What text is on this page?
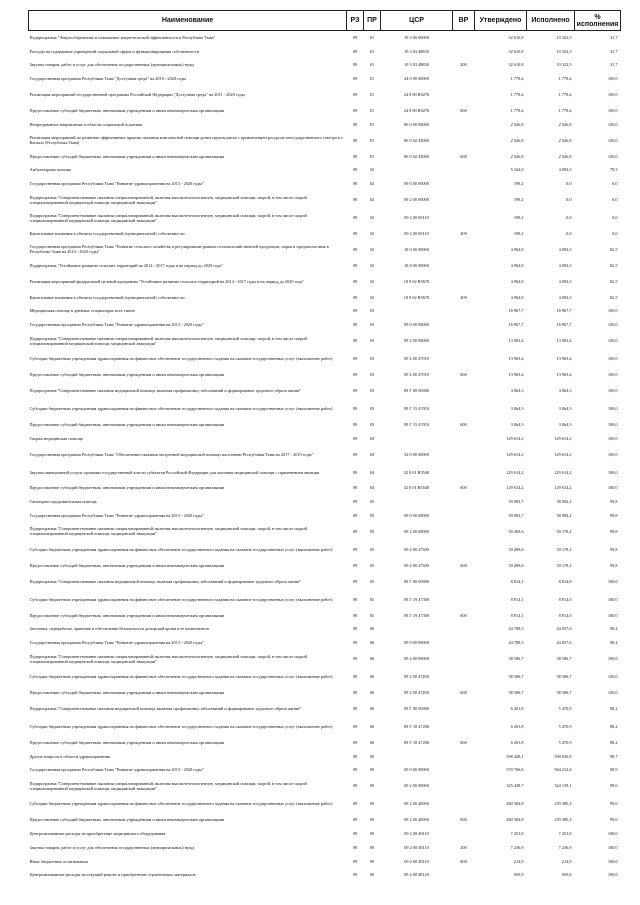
Наименование	РЗ	ПР	ЦСР	ВР	Утверждено	Исполнено	% исполнения
Подпрограмма "Энергосбережение и повышение энергетической эффективности в Республике Тыва"	09	01	19 3 00 00000		32 610,8	10 322,5	31,7
Расходы на содержание учреждений социальной сферы и функционирования собственности	09	01	19 3 03 48830		32 610,8	10 322,5	31,7
Закупка товаров, работ и услуг для обеспечения государственных (муниципальных) нужд	09	01	19 3 03 48830	200	32 610,8	10 322,5	31,7
Государственная программа Республики Тыва "Доступная среда" на 2016 - 2020 годы	09	01	24 0 00 00000		1 778,4	1 778,4	100,0
Реализация мероприятий государственной программы Российской Федерации "Доступная среда" на 2011 - 2020 годы	09	01	24 0 00 R0270		1 778,4	1 778,4	100,0
Предоставление субсидий бюджетным, автономным учреждениям и иным некоммерческим организациям	09	01	24 0 00 R0270	600	1 778,4	1 778,4	100,0
Непрограммное направление в области социальной политики	09	01	86 0 00 00000		2 026,8	2 026,8	100,0
Реализация мероприятий по развитию эффективных практик оказания комплексной помощи детям группы риска с привлечением ресурсов негосударственного сектора в г. Кызыле (Республика Тыва)	09	01	86 0 02 43000		2 026,8	2 026,8	100,0
Предоставление субсидий бюджетным, автономным учреждениям и иным некоммерческим организациям	09	01	86 0 02 43000	600	2 026,8	2 026,8	100,0
Амбулаторная помощь	09	02			5 162,0	4 092,3	79,3
Государственная программа Республики Тыва "Развитие здравоохранения на 2013 - 2020 годы"	09	02	09 0 00 00000		199,2	0,0	0,0
Подпрограмма "Совершенствование оказания специализированной, включая высокотехнологичную, медицинской помощи, скорой, в том числе скорой специализированной медицинской помощи, медицинской эвакуации"	09	02	09 2 00 00000		199,2	0,0	0,0
Подпрограмма "Совершенствование оказания специализированной, включая высокотехнологичную, медицинской помощи, скорой, в том числе скорой специализированной медицинской помощи, медицинской эвакуации"	09	02	09 2 00 00110		199,2	0,0	0,0
Капитальные вложения в объекты государственной (муниципальной) собственности	09	02	09 2 00 00110	400	199,2	0,0	0,0
Государственная программа Республики Тыва "Развитие сельского хозяйства и регулирование рынков сельскохозяйственной продукции, сырья и продовольствия в Республике Тыва на 2014 - 2020 годы"	09	02	18 0 00 00000		4 962,8	4 092,3	82,5
Подпрограмма "Устойчивое развитие сельских территорий на 2014 - 2017 годы и на период до 2020 года"	09	02	18 8 00 00000		4 962,8	4 092,3	82,5
Реализация мероприятий федеральной целевой программы "Устойчивое развитие сельских территорий на 2014 - 2017 годы и на период до 2020 года"	09	02	18 8 02 R5670		4 962,8	4 092,3	82,5
Капитальные вложения в объекты государственной (муниципальной) собственности	09	02	18 8 02 R5670	400	4 962,8	4 092,3	82,5
Медицинская помощь в дневных стационарах всех типов	09	03			16 967,7	16 967,7	100,0
Государственная программа Республики Тыва "Развитие здравоохранения на 2013 - 2020 годы"	09	03	09 0 00 00000		16 967,7	16 967,7	100,0
Подпрограмма "Совершенствование оказания специализированной, включая высокотехнологичную, медицинской помощи, скорой, в том числе скорой специализированной медицинской помощи, медицинской эвакуации"	09	03	09 2 00 00000		13 903,4	13 903,4	100,0
Субсидии бюджетным учреждениям здравоохранения на финансовое обеспечение государственного задания на оказание государственных услуг (выполнение работ)	09	03	09 2 00 47010		13 903,4	13 903,4	100,0
Предоставление субсидий бюджетным, автономным учреждениям и иным некоммерческим организациям	09	03	09 2 00 47010	600	13 903,4	13 903,4	100,0
Подпрограмма "Совершенствование оказания медицинской помощи, включая профилактику заболеваний и формирование здорового образа жизни"	09	03	09 Г 00 00000		3 064,3	3 064,3	100,0
Субсидии бюджетным учреждениям здравоохранения на финансовое обеспечение государственного задания на оказание государственных услуг (выполнение работ)	09	03	09 Г 15 47010		3 064,3	3 064,3	100,0
Предоставление субсидий бюджетным, автономным учреждениям и иным некоммерческим организациям	09	03	09 Г 15 47010	600	3 064,3	3 064,3	100,0
Скорая медицинская помощь	09	04			129 614,2	129 614,2	100,0
Государственная программа Республики Тыва "Обеспечение оказания экстренной медицинской помощи населению Республики Тыва на 2017 - 2019 годы"	09	04	32 0 00 00000		129 614,2	129 614,2	100,0
Закупка авиационной услуги органами государственной власти субъектов Российской Федерации для оказания медицинской помощи с применением авиации	09	04	32 0 01 R5540		129 614,2	129 614,2	100,0
Предоставление субсидий бюджетным, автономным учреждениям и иным некоммерческим организациям	09	04	32 0 01 R5540	600	129 614,2	129 614,2	100,0
Санаторно-оздоровительная помощь	09	05			59 083,7	58 992,2	99,8
Государственная программа Республики Тыва "Развитие здравоохранения на 2013 - 2020 годы"	09	05	09 0 00 00000		59 083,7	58 992,2	99,8
Подпрограмма "Совершенствование оказания специализированной, включая высокотехнологичную, медицинской помощи, скорой, в том числе скорой специализированной медицинской помощи, медицинской эвакуации"	09	05	09 2 00 00000		50 269,6	50 178,2	99,8
Субсидии бюджетным учреждениям здравоохранения на финансовое обеспечение государственного задания на оказание государственных услуг (выполнение работ)	09	05	09 2 00 47300		50 269,6	50 178,2	99,8
Предоставление субсидий бюджетным, автономным учреждениям и иным некоммерческим организациям	09	05	09 2 00 47300	600	50 269,6	50 178,2	99,8
Подпрограмма "Совершенствование оказания медицинской помощи, включая профилактику заболеваний и формирование здорового образа жизни"	09	05	09 Г 00 00000		8 814,1	8 814,0	100,0
Субсидии бюджетным учреждениям здравоохранения на финансовое обеспечение государственного задания на оказание государственных услуг (выполнение работ)	09	05	09 Г 19 47300		8 814,1	8 814,0	100,0
Предоставление субсидий бюджетным, автономным учреждениям и иным некоммерческим организациям	09	05	09 Г 19 47300	600	8 814,1	8 814,0	100,0
Заготовка, переработка, хранение и обеспечение безопасности донорской крови и ее компонентов	09	06			44 788,5	44 057,6	98,4
Государственная программа Республики Тыва "Развитие здравоохранения на 2013 - 2020 годы"	09	06	09 0 00 00000		44 788,5	44 057,6	98,4
Подпрограмма "Совершенствование оказания специализированной, включая высокотехнологичную, медицинской помощи, скорой, в том числе скорой специализированной медицинской помощи, медицинской эвакуации"	09	06	09 2 00 00000		38 586,7	38 586,7	100,0
Субсидии бюджетным учреждениям здравоохранения на финансовое обеспечение государственного задания на оказание государственных услуг (выполнение работ)	09	06	09 2 00 47200		38 586,7	38 586,7	100,0
Предоставление субсидий бюджетным, автономным учреждениям и иным некоммерческим организациям	09	06	09 2 00 47200	600	38 586,7	38 586,7	100,0
Подпрограмма "Совершенствование оказания медицинской помощи, включая профилактику заболеваний и формирование здорового образа жизни"	09	06	09 Г 00 00000		6 201,8	5 470,9	88,2
Субсидии бюджетным учреждениям здравоохранения на финансовое обеспечение государственного задания на оказание государственных услуг (выполнение работ)	09	06	09 Г 18 47200		6 201,8	5 470,9	88,2
Предоставление субсидий бюджетным, автономным учреждениям и иным некоммерческим организациям	09	06	09 Г 18 47200	600	6 201,8	5 470,9	88,2
Другие вопросы в области здравоохранения	09	09			598 428,1	590 630,8	98,7
Государственная программа Республики Тыва "Развитие здравоохранения на 2013 - 2020 годы"	09	09	09 0 00 00000		570 766,6	564 212,4	98,9
Подпрограмма "Совершенствование оказания специализированной, включая высокотехнологичную, медицинской помощи, скорой, в том числе скорой специализированной медицинской помощи, медицинской эвакуации"	09	09	09 2 00 00000		325 438,7	324 139,1	99,6
Субсидии бюджетным учреждениям здравоохранения на финансовое обеспечение государственного задания на оказание государственных услуг (выполнение работ)	09	09	09 2 00 46900		260 384,8	259 380,3	99,6
Предоставление субсидий бюджетным, автономным учреждениям и иным некоммерческим организациям	09	09	09 2 00 46900	600	260 384,8	259 380,3	99,6
Централизованные расходы на приобретение медицинского оборудования	09	09	09 2 00 48110		7 451,8	7 451,8	100,0
Закупка товаров, работ и услуг для обеспечения государственных (муниципальных) нужд	09	09	09 2 00 48110	200	7 236,9	7 236,9	100,0
Иные бюджетные ассигнования	09	09	09 2 00 48110	800	214,9	214,9	100,0
Централизованные расходы на текущий ремонт и приобретение строительных материалов	09	09	09 2 00 48120		950,9	950,0	100,0
